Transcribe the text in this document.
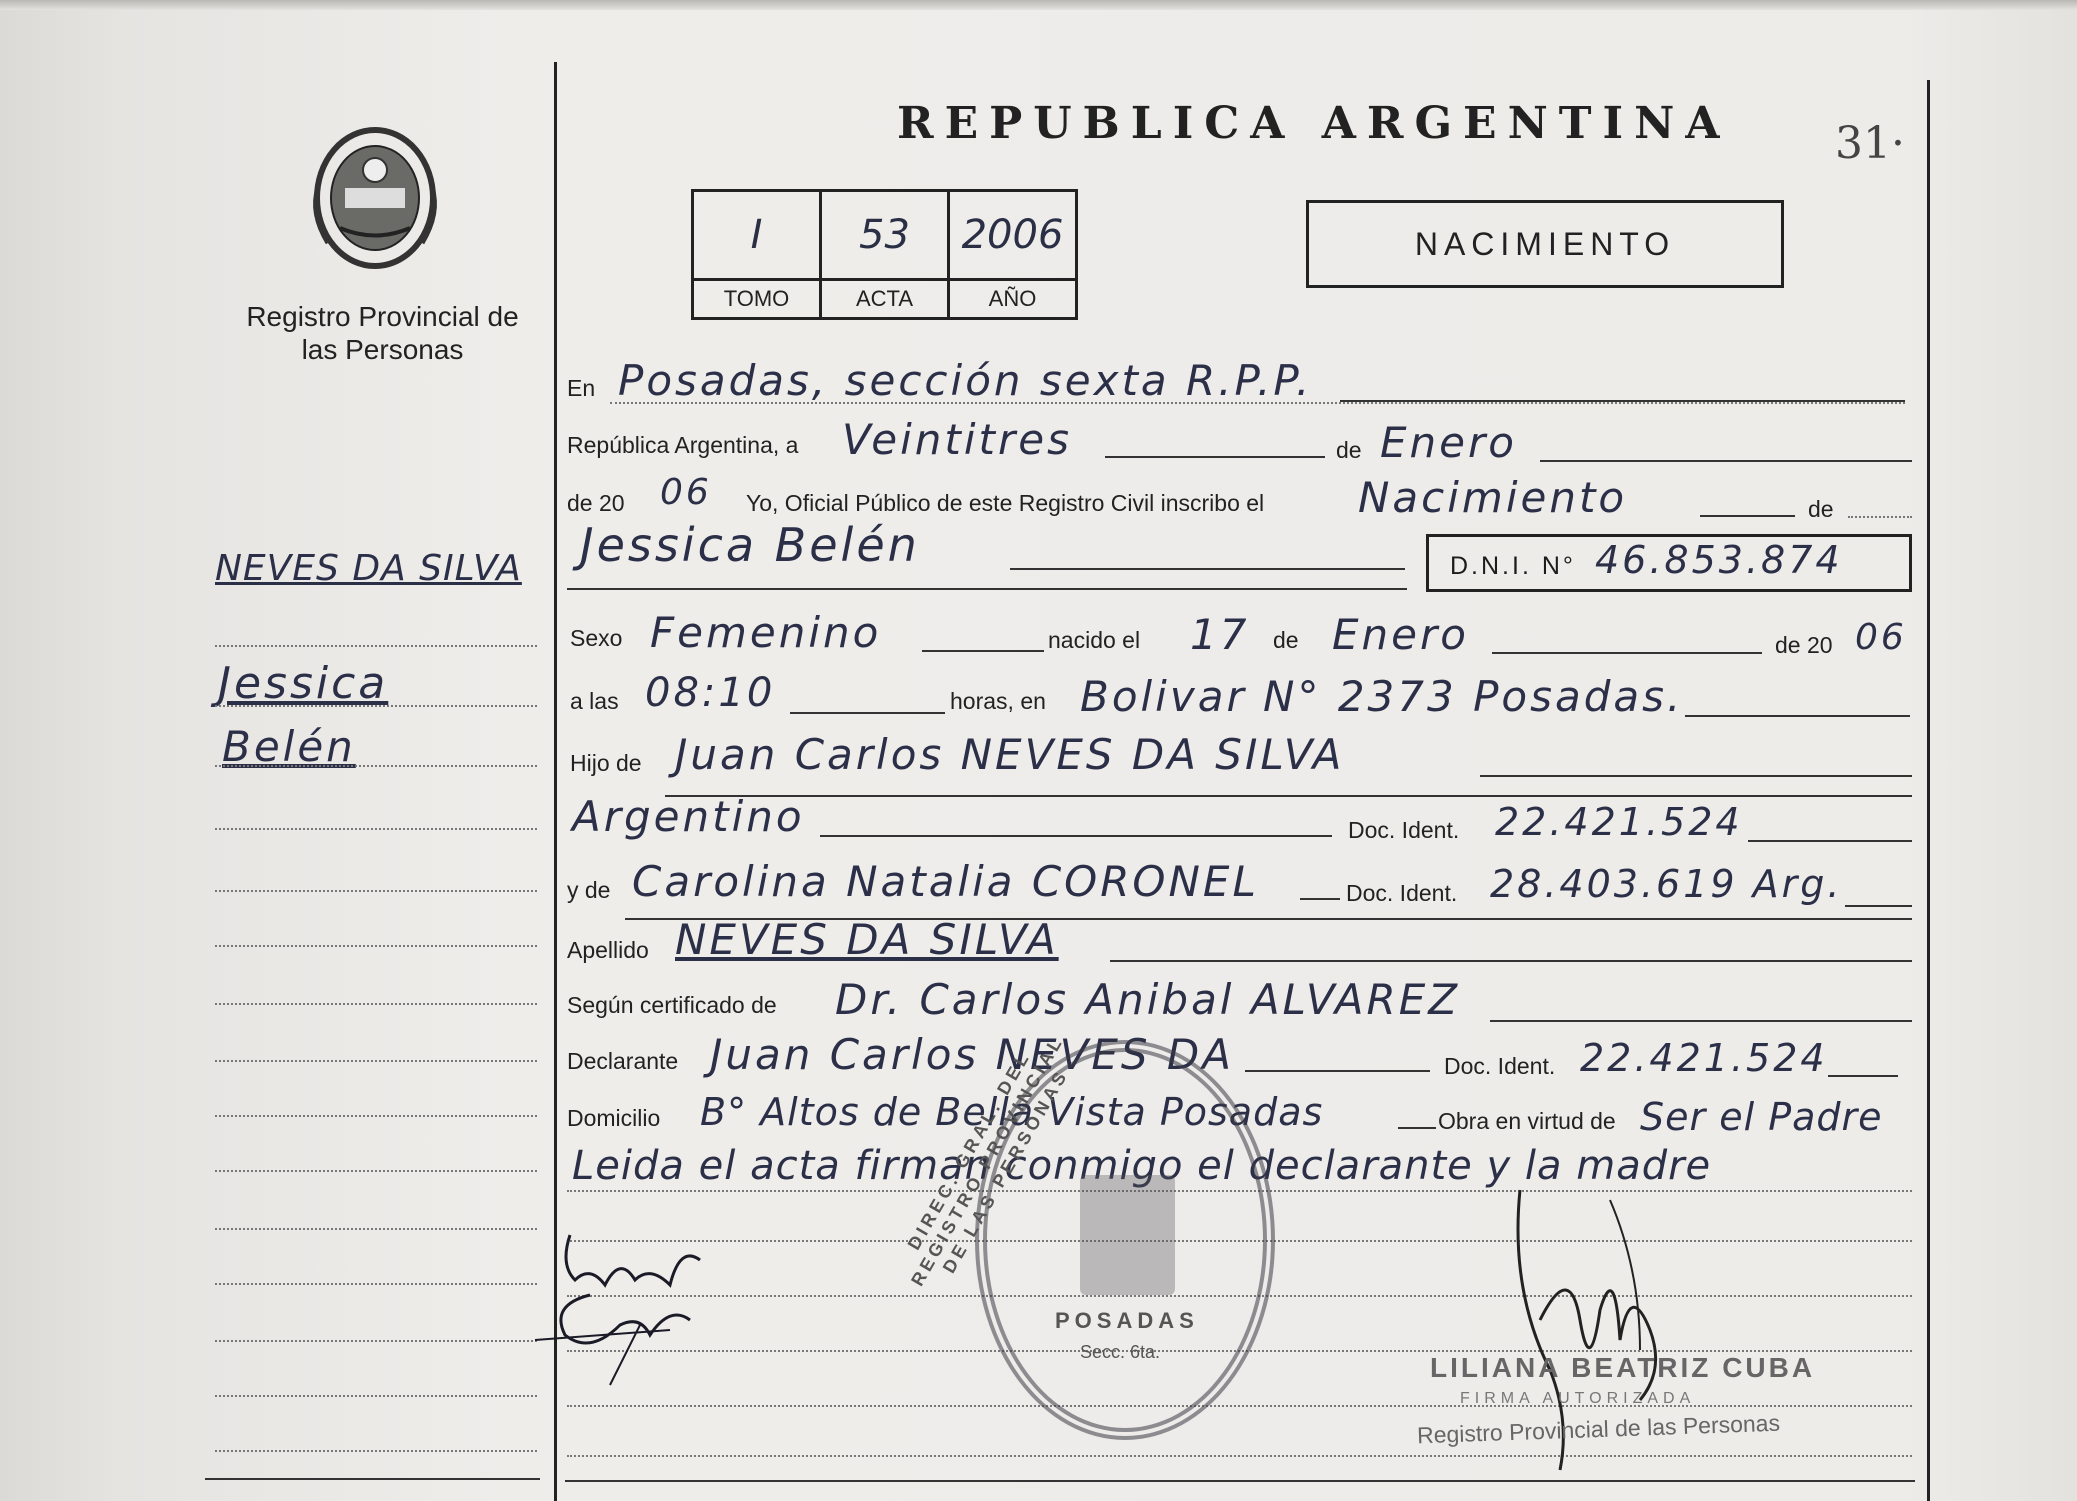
Registro Provincial de las Personas
REPUBLICA ARGENTINA 31·
I	53	2006
TOMO	ACTA	AÑO
NACIMIENTO
NEVES DA SILVA
Jessica
Belén
En Posadas, sección sexta R.P.P.
República Argentina, a Veintitres	de Enero
de 20 06 Yo, Oficial Público de este Registro Civil inscribo el Nacimiento	de
Jessica Belén	D.N.I. N° 46.853.874
Sexo Femenino	nacido el 17 de Enero	de 20 06
a las 08:10	horas, en Bolivar N° 2373 Posadas.
Hijo de Juan Carlos NEVES DA SILVA
Argentino	Doc. Ident. 22.421.524
y de Carolina Natalia CORONEL	Doc. Ident. 28.403.619 Arg.
Apellido NEVES DA SILVA
Según certificado de Dr. Carlos Anibal ALVAREZ
Declarante Juan Carlos NEVES DA	Doc. Ident. 22.421.524
Domicilio B° Altos de Bella Vista Posadas	Obra en virtud de Ser el Padre
Leida el acta firman conmigo el declarante y la madre
POSADAS
Secc. 6ta.
DIREC. GRAL. DEL REGISTRO PROVINCIAL DE LAS PERSONAS
LILIANA BEATRIZ CUBA
FIRMA AUTORIZADA
Registro Provincial de las Personas
